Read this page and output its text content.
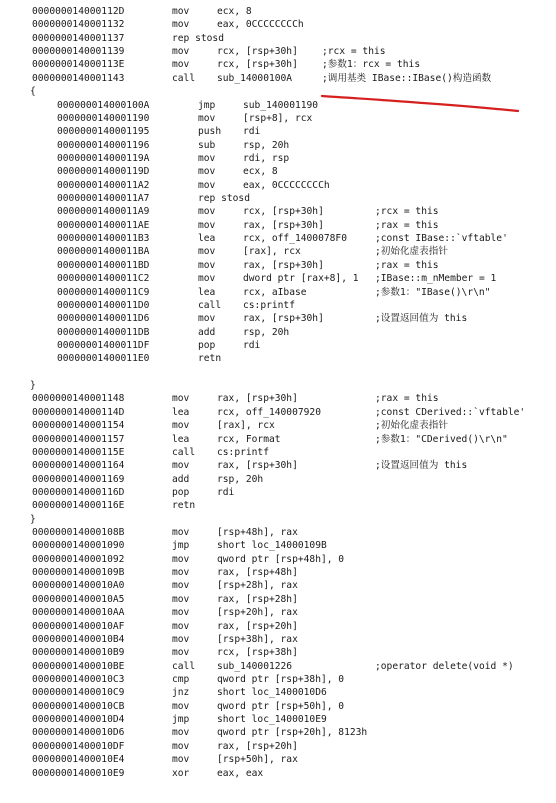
000000014000112D	mov	ecx, 8
0000000140001132	mov	eax, 0CCCCCCCCh
0000000140001137	rep stosd
0000000140001139	mov	rcx, [rsp+30h]	;rcx = this
000000014000113E	mov	rcx, [rsp+30h]	;参数1：rcx = this
0000000140001143	call sub_14000100A	;调用基类 IBase::IBase()构造函数
{
000000014000100A	jmp	sub_140001190
0000000140001190	mov	[rsp+8], rcx
0000000140001195	push rdi
0000000140001196	sub	rsp, 20h
000000014000119A	mov	rdi, rsp
000000014000119D	mov	ecx, 8
00000001400011A2	mov	eax, 0CCCCCCCCh
00000001400011A7	rep stosd
00000001400011A9	mov	rcx, [rsp+30h]	;rcx = this
00000001400011AE	mov	rax, [rsp+30h]	;rax = this
00000001400011B3	lea	rcx, off_1400078F0	;const IBase::`vftable'
00000001400011BA	mov	[rax], rcx	;初始化虚表指针
00000001400011BD	mov	rax, [rsp+30h]	;rax = this
00000001400011C2	mov	dword ptr [rax+8], 1 ;IBase::m_nMember = 1
00000001400011C9	lea	rcx, aIbase	;参数1："IBase()\r\n"
00000001400011D0	call cs:printf
00000001400011D6	mov	rax, [rsp+30h]	;设置返回值为 this
00000001400011DB	add	rsp, 20h
00000001400011DF	pop	rdi
00000001400011E0	retn
}
0000000140001148	mov	rax, [rsp+30h]	;rax = this
000000014000114D	lea	rcx, off_140007920	;const CDerived::`vftable'
0000000140001154	mov	[rax], rcx	;初始化虚表指针
0000000140001157	lea	rcx, Format	;参数1："CDerived()\r\n"
000000014000115E	call cs:printf
0000000140001164	mov	rax, [rsp+30h]	;设置返回值为 this
0000000140001169	add	rsp, 20h
000000014000116D	pop	rdi
000000014000116E	retn
}
000000014000108B	mov	[rsp+48h], rax
0000000140001090	jmp	short loc_14000109B
0000000140001092	mov	qword ptr [rsp+48h], 0
000000014000109B	mov	rax, [rsp+48h]
00000001400010A0	mov	[rsp+28h], rax
00000001400010A5	mov	rax, [rsp+28h]
00000001400010AA	mov	[rsp+20h], rax
00000001400010AF	mov	rax, [rsp+20h]
00000001400010B4	mov	[rsp+38h], rax
00000001400010B9	mov	rcx, [rsp+38h]
00000001400010BE	call sub_140001226	;operator delete(void *)
00000001400010C3	cmp	qword ptr [rsp+38h], 0
00000001400010C9	jnz	short loc_1400010D6
00000001400010CB	mov	qword ptr [rsp+50h], 0
00000001400010D4	jmp	short loc_1400010E9
00000001400010D6	mov	qword ptr [rsp+20h], 8123h
00000001400010DF	mov	rax, [rsp+20h]
00000001400010E4	mov	[rsp+50h], rax
00000001400010E9	xor	eax, eax
